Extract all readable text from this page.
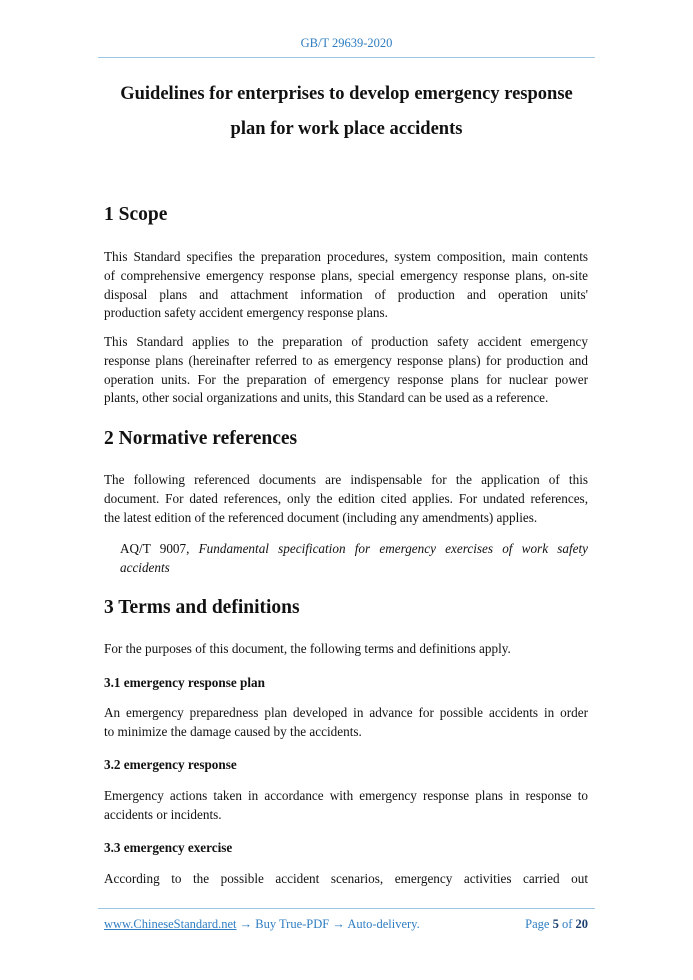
GB/T 29639-2020
Guidelines for enterprises to develop emergency response
plan for work place accidents
1 Scope
This Standard specifies the preparation procedures, system composition, main contents
of comprehensive emergency response plans, special emergency response plans, on-site
disposal plans and attachment information of production and operation units'
production safety accident emergency response plans.
This Standard applies to the preparation of production safety accident emergency
response plans (hereinafter referred to as emergency response plans) for production and
operation units. For the preparation of emergency response plans for nuclear power
plants, other social organizations and units, this Standard can be used as a reference.
2 Normative references
The following referenced documents are indispensable for the application of this
document. For dated references, only the edition cited applies. For undated references,
the latest edition of the referenced document (including any amendments) applies.
AQ/T 9007, Fundamental specification for emergency exercises of work safety
accidents
3 Terms and definitions
For the purposes of this document, the following terms and definitions apply.
3.1 emergency response plan
An emergency preparedness plan developed in advance for possible accidents in order
to minimize the damage caused by the accidents.
3.2 emergency response
Emergency actions taken in accordance with emergency response plans in response to
accidents or incidents.
3.3 emergency exercise
According to the possible accident scenarios, emergency activities carried out
www.ChineseStandard.net → Buy True-PDF → Auto-delivery.	Page 5 of 20
